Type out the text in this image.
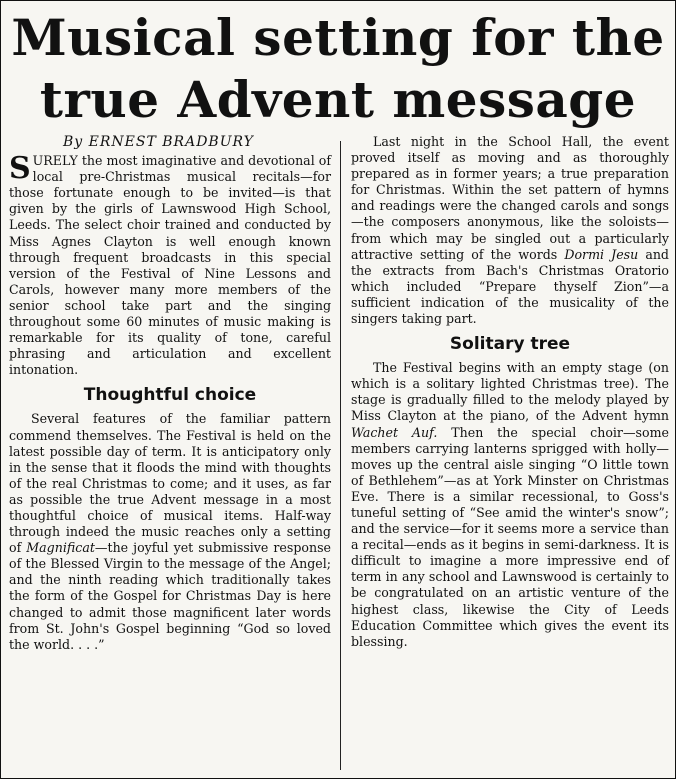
Musical setting for the
true Advent message
By ERNEST BRADBURY

SURELY the most imaginative and devotional of local pre-Christmas musical recitals—for those fortunate enough to be invited—is that given by the girls of Lawnswood High School, Leeds. The select choir trained and conducted by Miss Agnes Clayton is well enough known through frequent broadcasts in this special version of the Festival of Nine Lessons and Carols, however many more members of the senior school take part and the singing throughout some 60 minutes of music making is remarkable for its quality of tone, careful phrasing and articulation and excellent intonation.

Thoughtful choice

Several features of the familiar pattern commend themselves. The Festival is held on the latest possible day of term. It is anticipatory only in the sense that it floods the mind with thoughts of the real Christmas to come; and it uses, as far as possible the true Advent message in a most thoughtful choice of musical items. Half-way through indeed the music reaches only a setting of Magnificat—the joyful yet submissive response of the Blessed Virgin to the message of the Angel; and the ninth reading which traditionally takes the form of the Gospel for Christmas Day is here changed to admit those magnificent later words from St. John's Gospel beginning “God so loved the world. . . .”

Last night in the School Hall, the event proved itself as moving and as thoroughly prepared as in former years; a true preparation for Christmas. Within the set pattern of hymns and readings were the changed carols and songs—the composers anonymous, like the soloists—from which may be singled out a particularly attractive setting of the words Dormi Jesu and the extracts from Bach's Christmas Oratorio which included “Prepare thyself Zion”—a sufficient indication of the musicality of the singers taking part.

Solitary tree

The Festival begins with an empty stage (on which is a solitary lighted Christmas tree). The stage is gradually filled to the melody played by Miss Clayton at the piano, of the Advent hymn Wachet Auf. Then the special choir—some members carrying lanterns sprigged with holly—moves up the central aisle singing “O little town of Bethlehem”—as at York Minster on Christmas Eve. There is a similar recessional, to Goss's tuneful setting of “See amid the winter's snow”; and the service—for it seems more a service than a recital—ends as it begins in semi-darkness. It is difficult to imagine a more impressive end of term in any school and Lawnswood is certainly to be congratulated on an artistic venture of the highest class, likewise the City of Leeds Education Committee which gives the event its blessing.
